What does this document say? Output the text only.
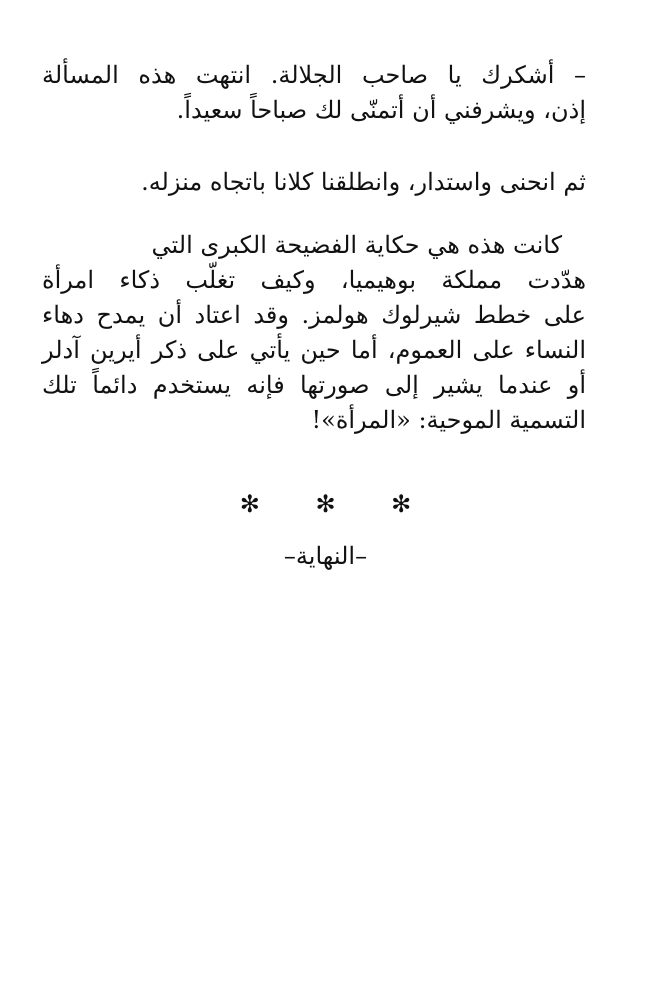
– أشكرك يا صاحب الجلالة. انتهت هذه المسألة
إذن، ويشرفني أن أتمنّى لك صباحاً سعيداً.
ثم انحنى واستدار، وانطلقنا كلانا باتجاه منزله.
كانت هذه هي حكاية الفضيحة الكبرى التي
هدّدت مملكة بوهيميا، وكيف تغلّب ذكاء امرأة
على خطط شيرلوك هولمز. وقد اعتاد أن يمدح دهاء
النساء على العموم، أما حين يأتي على ذكر أيرين آدلر
أو عندما يشير إلى صورتها فإنه يستخدم دائماً تلك
التسمية الموحية: «المرأة»!
✻ ✻ ✻
–النهاية–
